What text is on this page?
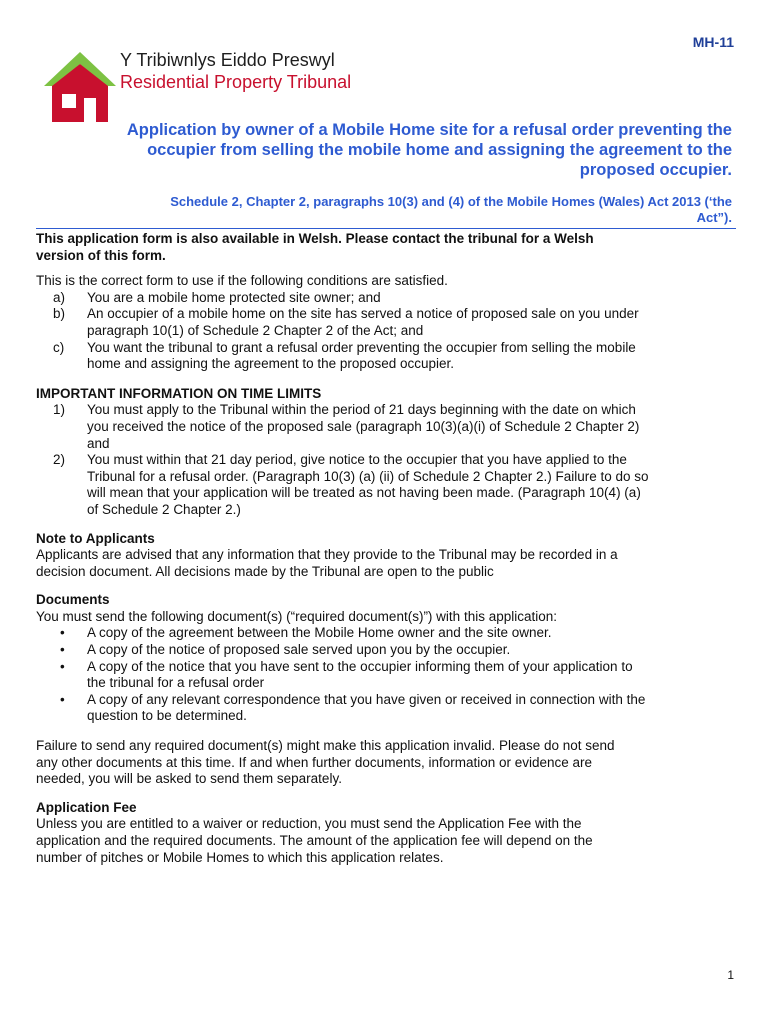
MH-11
Y Tribiwnlys Eiddo Preswyl
Residential Property Tribunal
Application by owner of a Mobile Home site for a refusal order preventing the
occupier from selling the mobile home and assigning the agreement to the
proposed occupier.
Schedule 2, Chapter 2, paragraphs 10(3) and (4) of the Mobile Homes (Wales) Act 2013 (‘the
Act”).

This application form is also available in Welsh. Please contact the tribunal for a Welsh

version of this form.

This is the correct form to use if the following conditions are satisfied.

a) You are a mobile home protected site owner; and
b) An occupier of a mobile home on the site has served a notice of proposed sale on you under
paragraph 10(1) of Schedule 2 Chapter 2 of the Act; and
c) You want the tribunal to grant a refusal order preventing the occupier from selling the mobile
home and assigning the agreement to the proposed occupier.

IMPORTANT INFORMATION ON TIME LIMITS

1) You must apply to the Tribunal within the period of 21 days beginning with the date on which
you received the notice of the proposed sale (paragraph 10(3)(a)(i) of Schedule 2 Chapter 2)
and
2) You must within that 21 day period, give notice to the occupier that you have applied to the
Tribunal for a refusal order. (Paragraph 10(3) (a) (ii) of Schedule 2 Chapter 2.) Failure to do so
will mean that your application will be treated as not having been made. (Paragraph 10(4) (a)
of Schedule 2 Chapter 2.)

Note to Applicants

Applicants are advised that any information that they provide to the Tribunal may be recorded in a

decision document. All decisions made by the Tribunal are open to the public

Documents

You must send the following document(s) (“required document(s)”) with this application:

• A copy of the agreement between the Mobile Home owner and the site owner.
• A copy of the notice of proposed sale served upon you by the occupier.
• A copy of the notice that you have sent to the occupier informing them of your application to
the tribunal for a refusal order
• A copy of any relevant correspondence that you have given or received in connection with the
question to be determined.

Failure to send any required document(s) might make this application invalid. Please do not send

any other documents at this time. If and when further documents, information or evidence are

needed, you will be asked to send them separately.

Application Fee

Unless you are entitled to a waiver or reduction, you must send the Application Fee with the

application and the required documents. The amount of the application fee will depend on the

number of pitches or Mobile Homes to which this application relates.

1
